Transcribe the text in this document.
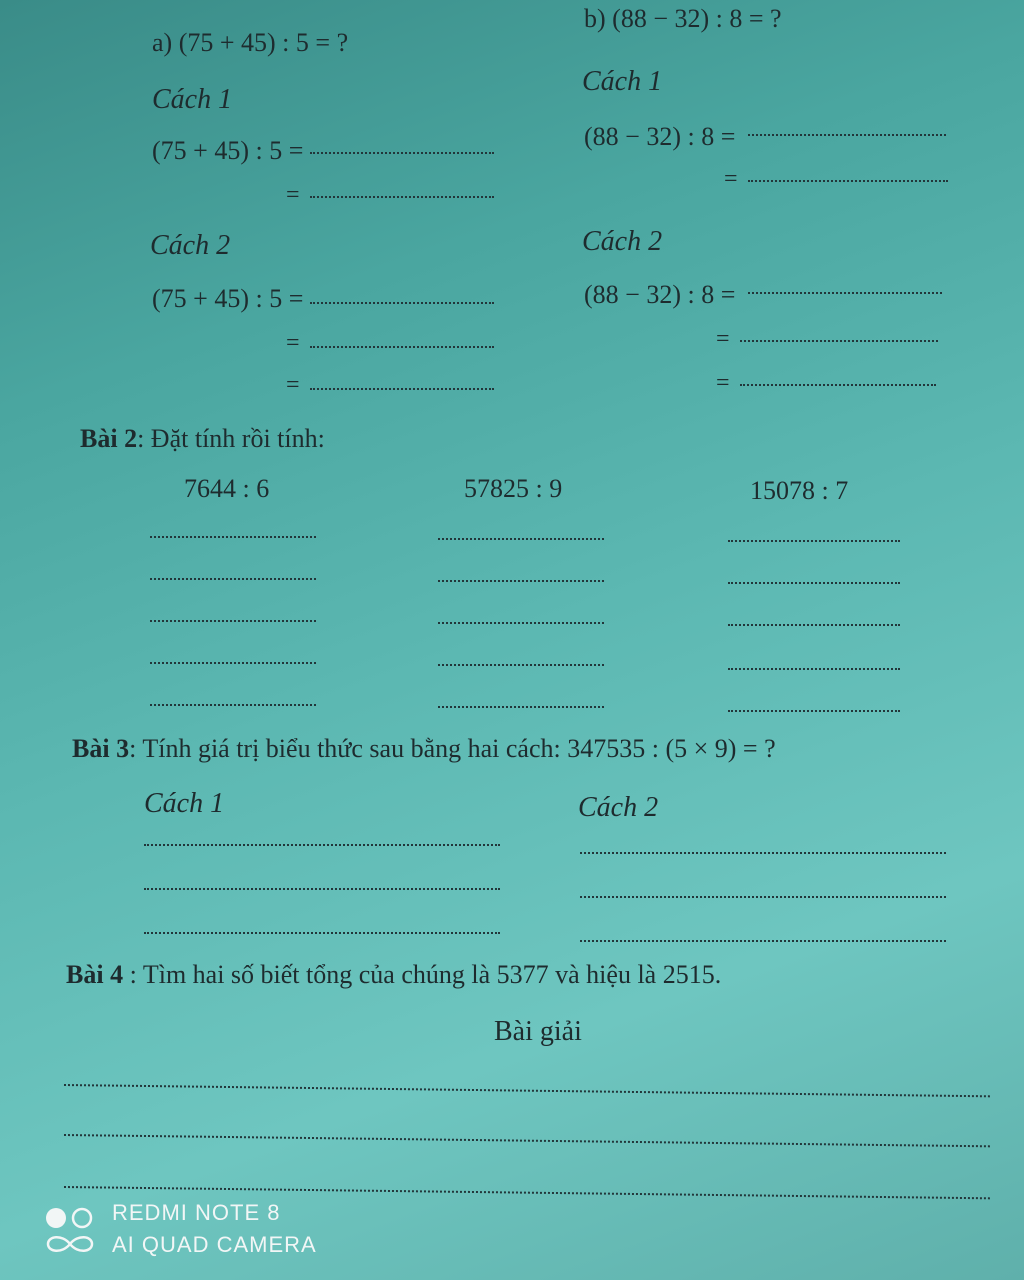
a) (75 + 45) : 5 = ?
b) (88 − 32) : 8 = ?
Cách 1
Cách 1
(75 + 45) : 5 =	(88 − 32) : 8 =
=
=
Cách 2	Cách 2
(75 + 45) : 5 =	(88 − 32) : 8 =
=	=
=	=
Bài 2: Đặt tính rồi tính:
7644 : 6	57825 : 9	15078 : 7
Bài 3: Tính giá trị biểu thức sau bằng hai cách: 347535 : (5 × 9) = ?
Cách 1	Cách 2
Bài 4 : Tìm hai số biết tổng của chúng là 5377 và hiệu là 2515.
Bài giải
REDMI NOTE 8
AI QUAD CAMERA
